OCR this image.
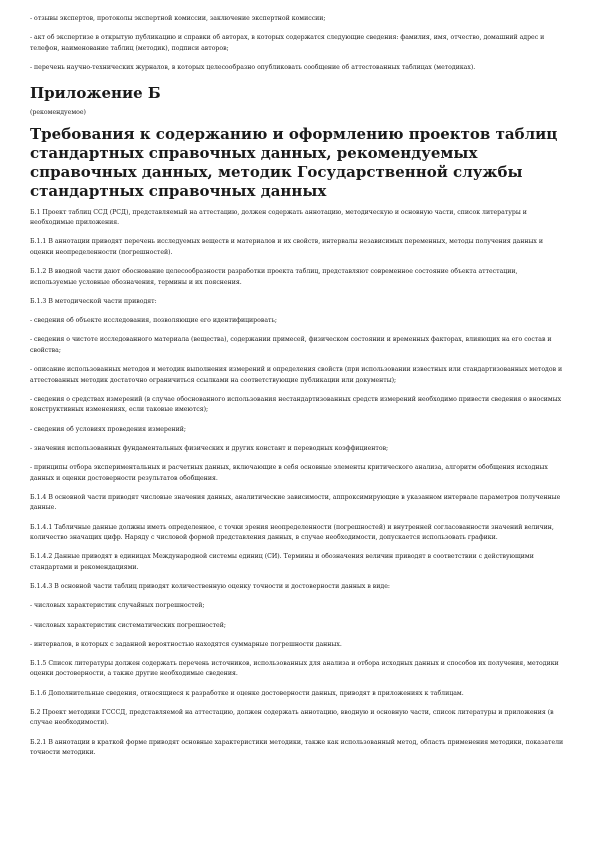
- отзывы экспертов, протоколы экспертной комиссии, заключение экспертной комиссии;

- акт об экспертизе в открытую публикацию и справки об авторах, в которых содержатся следующие сведения: фамилия, имя, отчество, домашний адрес и телефон, наименование таблиц (методик), подписи авторов;

- перечень научно-технических журналов, в которых целесообразно опубликовать сообщение об аттестованных таблицах (методиках).

Приложение Б

(рекомендуемое)

Требования к содержанию и оформлению проектов таблиц стандартных справочных данных, рекомендуемых справочных данных, методик Государственной службы стандартных справочных данных

Б.1 Проект таблиц ССД (РСД), представляемый на аттестацию, должен содержать аннотацию, методическую и основную части, список литературы и необходимые приложения.

Б.1.1 В аннотации приводят перечень исследуемых веществ и материалов и их свойств, интервалы независимых переменных, методы получения данных и оценки неопределенности (погрешностей).

Б.1.2 В вводной части дают обоснование целесообразности разработки проекта таблиц, представляют современное состояние объекта аттестации, используемые условные обозначения, термины и их пояснения.

Б.1.3 В методической части приводят:

- сведения об объекте исследования, позволяющие его идентифицировать;

- сведения о чистоте исследованного материала (вещества), содержании примесей, физическом состоянии и временных факторах, влияющих на его состав и свойства;

- описание использованных методов и методик выполнения измерений и определения свойств (при использовании известных или стандартизованных методов и аттестованных методик достаточно ограничиться ссылками на соответствующие публикации или документы);

- сведения о средствах измерений (в случае обоснованного использования нестандартизованных средств измерений необходимо привести сведения о вносимых конструктивных изменениях, если таковые имеются);

- сведения об условиях проведения измерений;

- значения использованных фундаментальных физических и других констант и переводных коэффициентов;

- принципы отбора экспериментальных и расчетных данных, включающие в себя основные элементы критического анализа, алгоритм обобщения исходных данных и оценки достоверности результатов обобщения.

Б.1.4 В основной части приводят числовые значения данных, аналитические зависимости, аппроксимирующие в указанном интервале параметров полученные данные.

Б.1.4.1 Табличные данные должны иметь определенное, с точки зрения неопределенности (погрешностей) и внутренней согласованности значений величин, количество значащих цифр. Наряду с числовой формой представления данных, в случае необходимости, допускается использовать графики.

Б.1.4.2 Данные приводят в единицах Международной системы единиц (СИ). Термины и обозначения величин приводят в соответствии с действующими стандартами и рекомендациями.

Б.1.4.3 В основной части таблиц приводят количественную оценку точности и достоверности данных в виде:

- числовых характеристик случайных погрешностей;

- числовых характеристик систематических погрешностей;

- интервалов, в которых с заданной вероятностью находятся суммарные погрешности данных.

Б.1.5 Список литературы должен содержать перечень источников, использованных для анализа и отбора исходных данных и способов их получения, методики оценки достоверности, а также другие необходимые сведения.

Б.1.6 Дополнительные сведения, относящиеся к разработке и оценке достоверности данных, приводят в приложениях к таблицам.

Б.2 Проект методики ГСССД, представляемой на аттестацию, должен содержать аннотацию, вводную и основную части, список литературы и приложения (в случае необходимости).

Б.2.1 В аннотации в краткой форме приводят основные характеристики методики, также как использованный метод, область применения методики, показатели точности методики.
